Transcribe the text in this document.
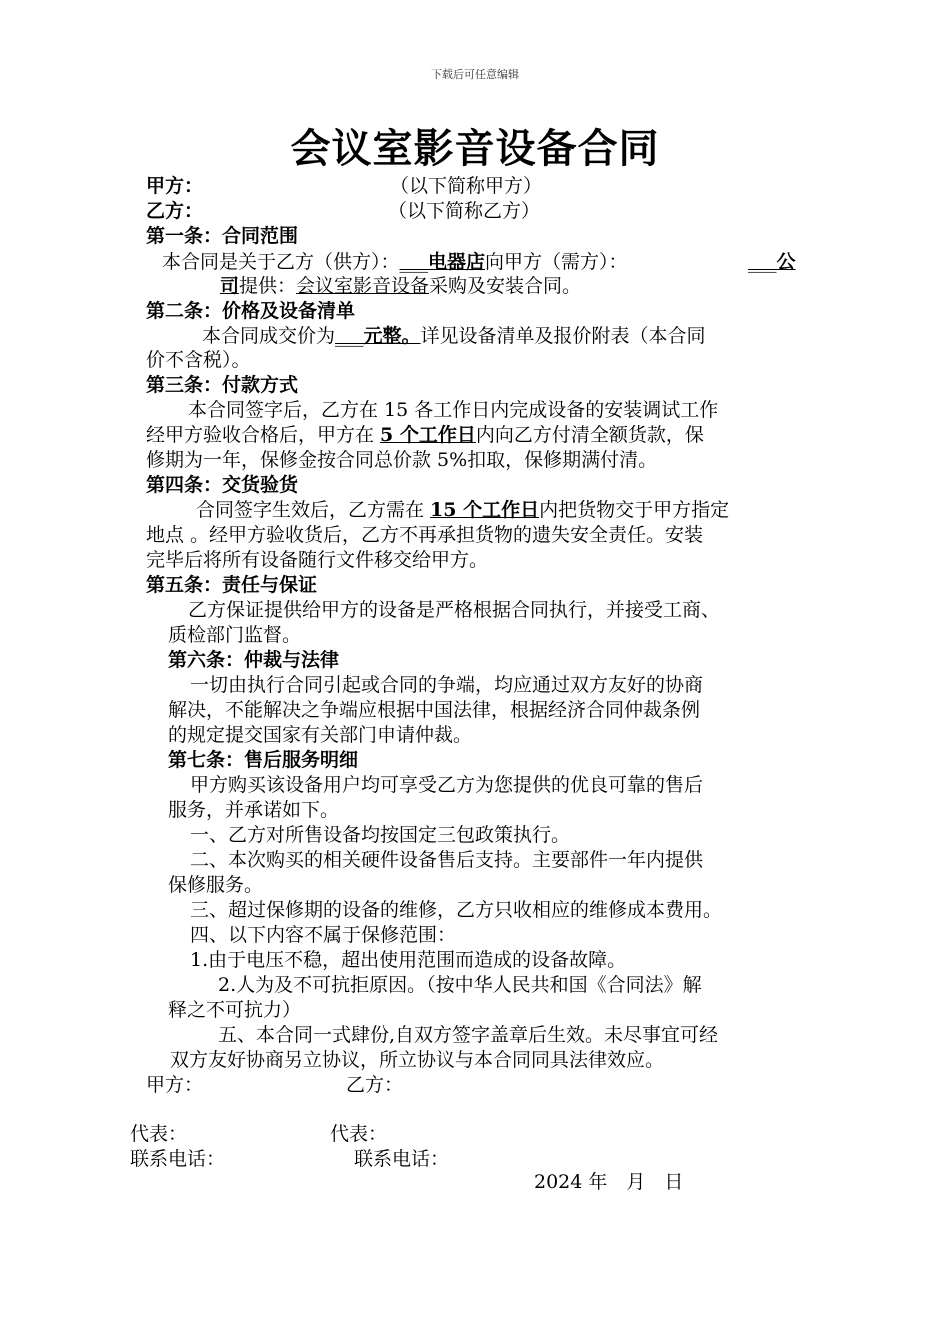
下载后可任意编辑
会议室影音设备合同
甲方：	（以下简称甲方）
乙方：	（以下简称乙方）
第一条：合同范围
本合同是关于乙方（供方）：___电器店向甲方（需方）：	___公
司提供：会议室影音设备采购及安装合同。
第二条：价格及设备清单
本合同成交价为___元整。详见设备清单及报价附表（本合同
价不含税）。
第三条：付款方式
本合同签字后，乙方在 15 各工作日内完成设备的安装调试工作
经甲方验收合格后，甲方在 5 个工作日内向乙方付清全额货款，保
修期为一年，保修金按合同总价款 5%扣取，保修期满付清。
第四条：交货验货
合同签字生效后，乙方需在 15 个工作日内把货物交于甲方指定
地点 。经甲方验收货后，乙方不再承担货物的遗失安全责任。安装
完毕后将所有设备随行文件移交给甲方。
第五条：责任与保证
乙方保证提供给甲方的设备是严格根据合同执行，并接受工商、
质检部门监督。
第六条：仲裁与法律
一切由执行合同引起或合同的争端，均应通过双方友好的协商
解决，不能解决之争端应根据中国法律，根据经济合同仲裁条例
的规定提交国家有关部门申请仲裁。
第七条：售后服务明细
甲方购买该设备用户均可享受乙方为您提供的优良可靠的售后
服务，并承诺如下。
一、乙方对所售设备均按国定三包政策执行。
二、本次购买的相关硬件设备售后支持。主要部件一年内提供
保修服务。
三、超过保修期的设备的维修，乙方只收相应的维修成本费用。
四、以下内容不属于保修范围：
1.由于电压不稳，超出使用范围而造成的设备故障。
2.人为及不可抗拒原因。（按中华人民共和国《合同法》解
释之不可抗力）
五、本合同一式肆份,自双方签字盖章后生效。未尽事宜可经
双方友好协商另立协议，所立协议与本合同同具法律效应。
甲方：	乙方：
代表：	代表：
联系电话：	联系电话：
2024 年　月　日
